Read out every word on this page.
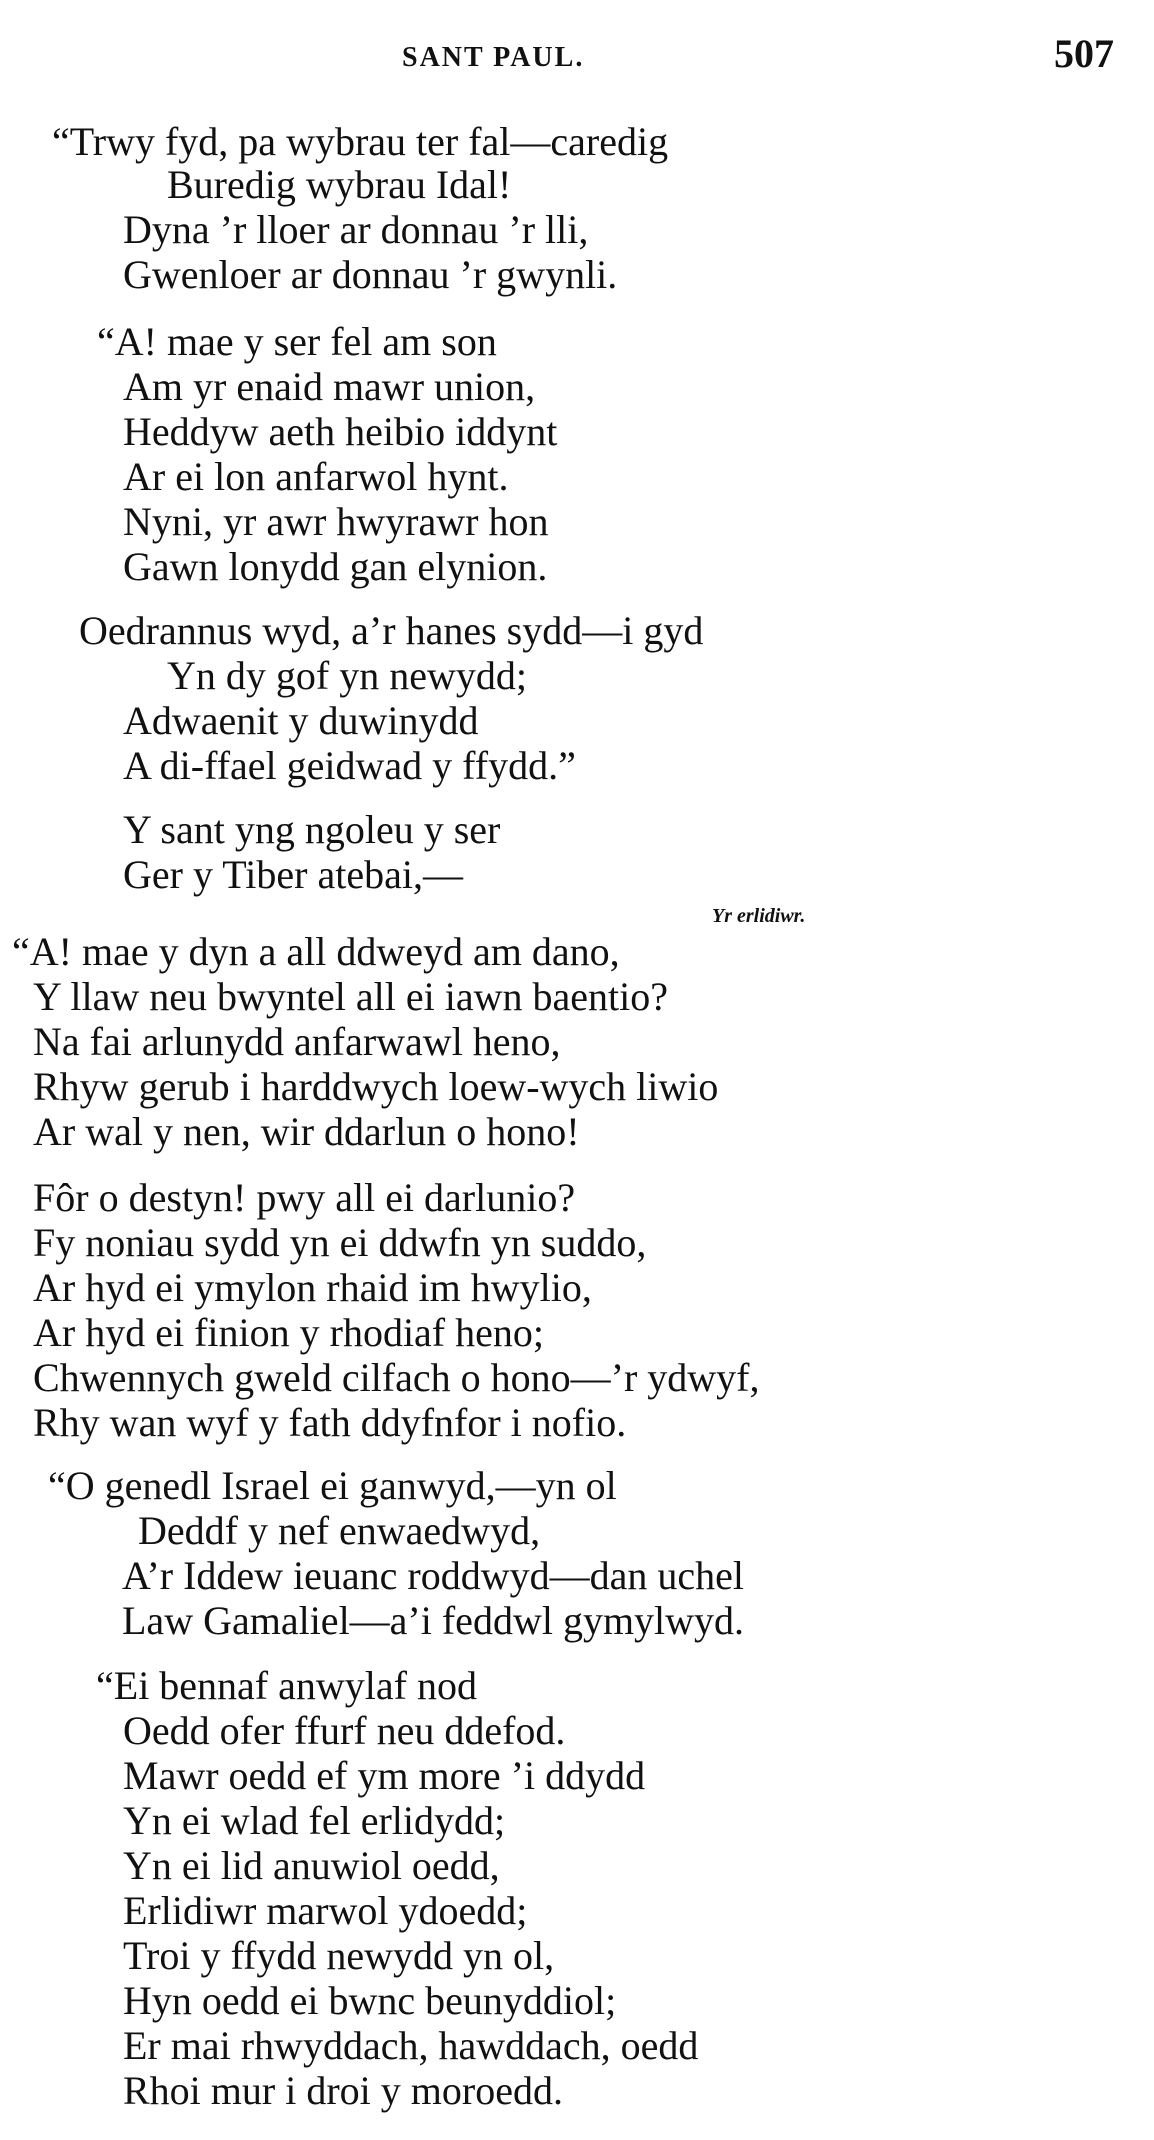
SANT PAUL.	507
“Trwy fyd, pa wybrau ter fal—caredig
Buredig wybrau Idal!
Dyna ’r lloer ar donnau ’r lli,
Gwenloer ar donnau ’r gwynli.
“A! mae y ser fel am son
Am yr enaid mawr union,
Heddyw aeth heibio iddynt
Ar ei lon anfarwol hynt.
Nyni, yr awr hwyrawr hon
Gawn lonydd gan elynion.
Oedrannus wyd, a’r hanes sydd—i gyd
Yn dy gof yn newydd;
Adwaenit y duwinydd
A di-ffael geidwad y ffydd.”
Y sant yng ngoleu y ser
Ger y Tiber atebai,—
Yr erlidiwr.
“A! mae y dyn a all ddweyd am dano,
Y llaw neu bwyntel all ei iawn baentio?
Na fai arlunydd anfarwawl heno,
Rhyw gerub i harddwych loew-wych liwio
Ar wal y nen, wir ddarlun o hono!
Fôr o destyn! pwy all ei darlunio?
Fy noniau sydd yn ei ddwfn yn suddo,
Ar hyd ei ymylon rhaid im hwylio,
Ar hyd ei finion y rhodiaf heno;
Chwennych gweld cilfach o hono—’r ydwyf,
Rhy wan wyf y fath ddyfnfor i nofio.
“O genedl Israel ei ganwyd,—yn ol
Deddf y nef enwaedwyd,
A’r Iddew ieuanc roddwyd—dan uchel
Law Gamaliel—a’i feddwl gymylwyd.
“Ei bennaf anwylaf nod
Oedd ofer ffurf neu ddefod.
Mawr oedd ef ym more ’i ddydd
Yn ei wlad fel erlidydd;
Yn ei lid anuwiol oedd,
Erlidiwr marwol ydoedd;
Troi y ffydd newydd yn ol,
Hyn oedd ei bwnc beunyddiol;
Er mai rhwyddach, hawddach, oedd
Rhoi mur i droi y moroedd.
